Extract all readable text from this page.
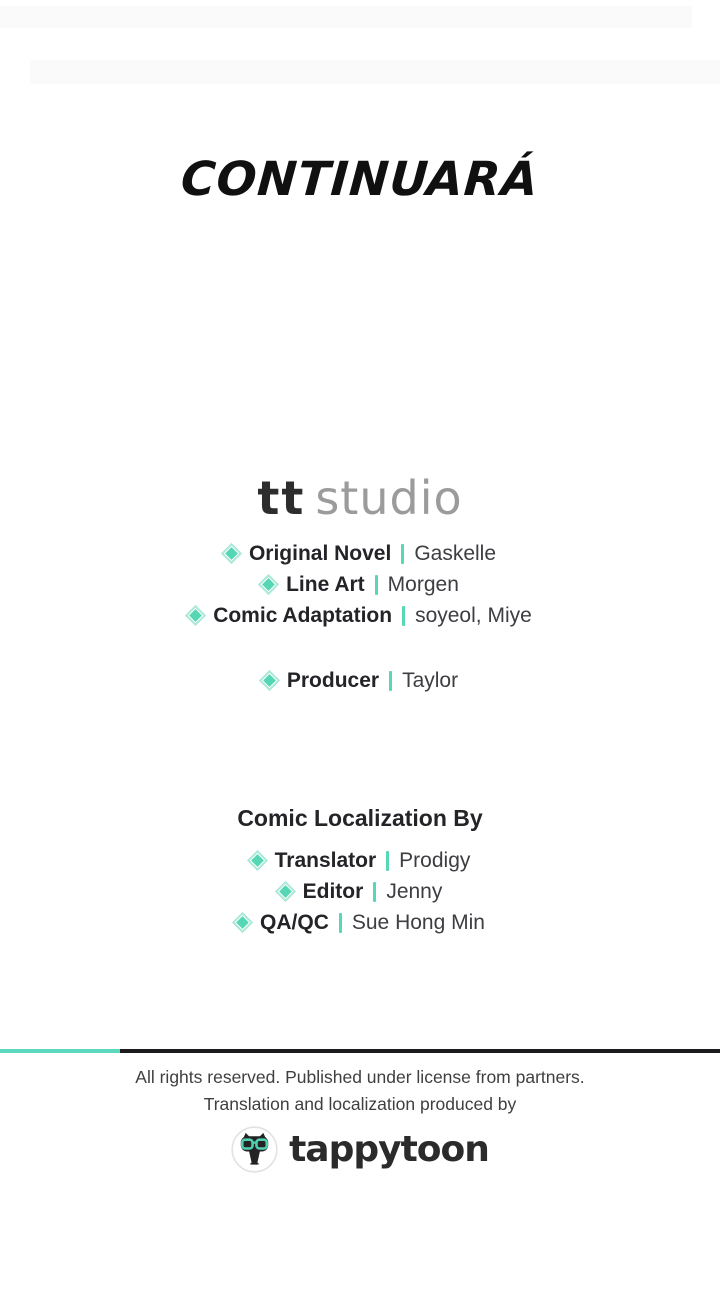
CONTINUARÁ
tt studio
Original Novel Gaskelle
Line Art Morgen
Comic Adaptation soyeol, Miye
Producer Taylor
Comic Localization By
Translator Prodigy
Editor Jenny
QA/QC Sue Hong Min
All rights reserved. Published under license from partners.
Translation and localization produced by
tappytoon
